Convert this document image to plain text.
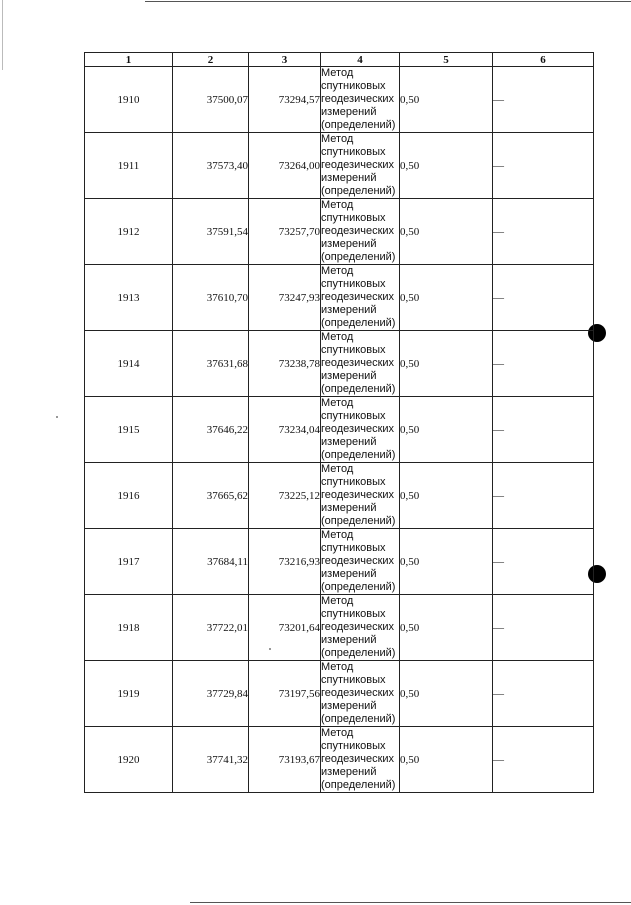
1	2	3	4	5	6
1910	37500,07	73294,57	Метод
спутниковых
геодезических
измерений
(определений)	0,50	—
1911	37573,40	73264,00	Метод
спутниковых
геодезических
измерений
(определений)	0,50	—
1912	37591,54	73257,70	Метод
спутниковых
геодезических
измерений
(определений)	0,50	—
1913	37610,70	73247,93	Метод
спутниковых
геодезических
измерений
(определений)	0,50	—
1914	37631,68	73238,78	Метод
спутниковых
геодезических
измерений
(определений)	0,50	—
1915	37646,22	73234,04	Метод
спутниковых
геодезических
измерений
(определений)	0,50	—
1916	37665,62	73225,12	Метод
спутниковых
геодезических
измерений
(определений)	0,50	—
1917	37684,11	73216,93	Метод
спутниковых
геодезических
измерений
(определений)	0,50	—
1918	37722,01	73201,64	Метод
спутниковых
геодезических
измерений
(определений)	0,50	—
1919	37729,84	73197,56	Метод
спутниковых
геодезических
измерений
(определений)	0,50	—
1920	37741,32	73193,67	Метод
спутниковых
геодезических
измерений
(определений)	0,50	—
